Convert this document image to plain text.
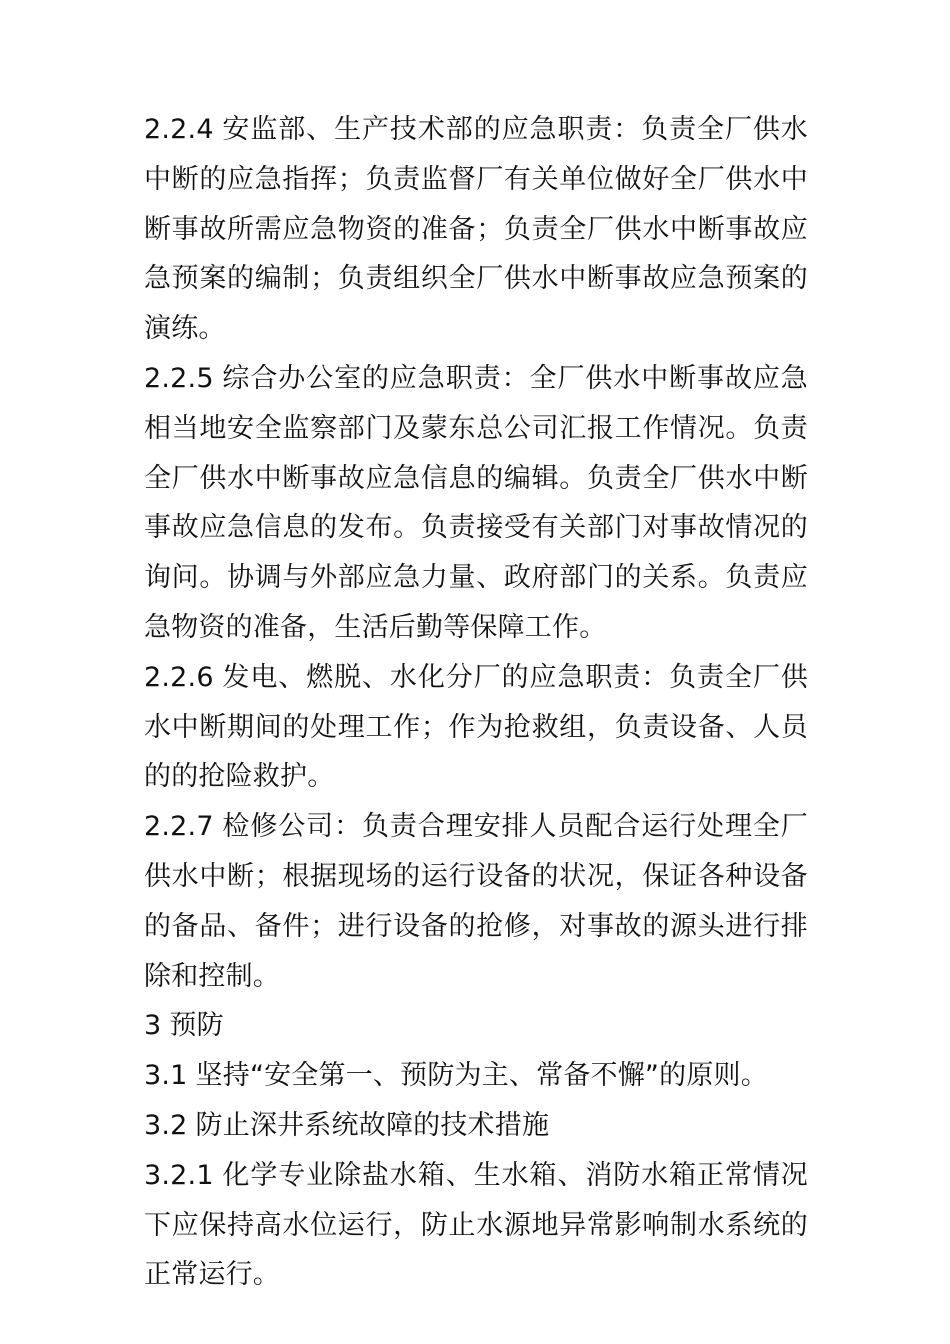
2.2.4 安监部、生产技术部的应急职责：负责全厂供水中断的应急指挥；负责监督厂有关单位做好全厂供水中断事故所需应急物资的准备；负责全厂供水中断事故应急预案的编制；负责组织全厂供水中断事故应急预案的演练。

2.2.5 综合办公室的应急职责：全厂供水中断事故应急相当地安全监察部门及蒙东总公司汇报工作情况。负责全厂供水中断事故应急信息的编辑。负责全厂供水中断事故应急信息的发布。负责接受有关部门对事故情况的询问。协调与外部应急力量、政府部门的关系。负责应急物资的准备，生活后勤等保障工作。

2.2.6 发电、燃脱、水化分厂的应急职责：负责全厂供水中断期间的处理工作；作为抢救组，负责设备、人员的的抢险救护。

2.2.7 检修公司：负责合理安排人员配合运行处理全厂供水中断；根据现场的运行设备的状况，保证各种设备的备品、备件；进行设备的抢修，对事故的源头进行排除和控制。

3 预防

3.1 坚持“安全第一、预防为主、常备不懈”的原则。

3.2 防止深井系统故障的技术措施

3.2.1 化学专业除盐水箱、生水箱、消防水箱正常情况下应保持高水位运行，防止水源地异常影响制水系统的正常运行。
